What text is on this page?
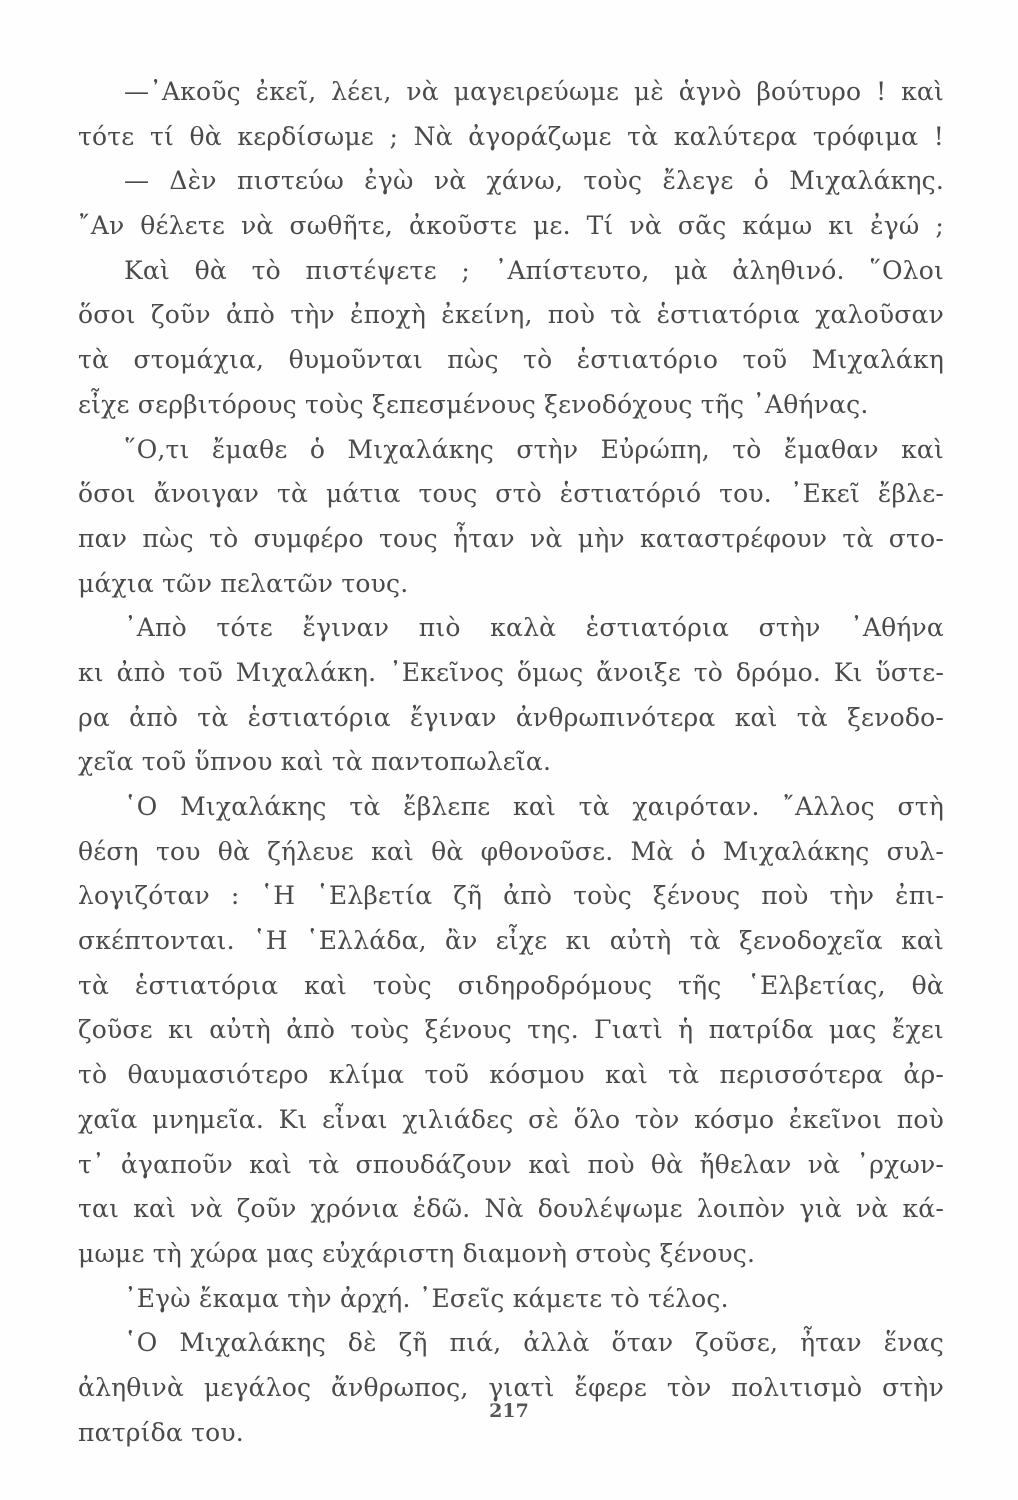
—᾽Ακοῦς ἐκεῖ, λέει, νὰ μαγειρεύωμε μὲ ἁγνὸ βούτυρο ! καὶ
τότε τί θὰ κερδίσωμε ; Νὰ ἀγοράζωμε τὰ καλύτερα τρόφιμα !
— Δὲν πιστεύω ἐγὼ νὰ χάνω, τοὺς ἔλεγε ὁ Μιχαλάκης.
῎Αν θέλετε νὰ σωθῆτε, ἀκοῦστε με. Τί νὰ σᾶς κάμω κι ἐγώ ;
Καὶ θὰ τὸ πιστέψετε ; ᾿Απίστευτο, μὰ ἀληθινό. ῞Ολοι
ὅσοι ζοῦν ἀπὸ τὴν ἐποχὴ ἐκείνη, ποὺ τὰ ἑστιατόρια χαλοῦσαν
τὰ στομάχια, θυμοῦνται πὼς τὸ ἑστιατόριο τοῦ Μιχαλάκη
εἶχε σερβιτόρους τοὺς ξεπεσμένους ξενοδόχους τῆς ᾿Αθήνας.
῞Ο,τι ἔμαθε ὁ Μιχαλάκης στὴν Εὐρώπη, τὸ ἔμαθαν καὶ
ὅσοι ἄνοιγαν τὰ μάτια τους στὸ ἑστιατόριό του. ᾿Εκεῖ ἔβλε-
παν πὼς τὸ συμφέρο τους ἦταν νὰ μὴν καταστρέφουν τὰ στο-
μάχια τῶν πελατῶν τους.
᾿Απὸ τότε ἔγιναν πιὸ καλὰ ἑστιατόρια στὴν ᾿Αθήνα
κι ἀπὸ τοῦ Μιχαλάκη. ᾿Εκεῖνος ὅμως ἄνοιξε τὸ δρόμο. Κι ὕστε-
ρα ἀπὸ τὰ ἑστιατόρια ἔγιναν ἀνθρωπινότερα καὶ τὰ ξενοδο-
χεῖα τοῦ ὕπνου καὶ τὰ παντοπωλεῖα.
῾Ο Μιχαλάκης τὰ ἔβλεπε καὶ τὰ χαιρόταν. ῎Αλλος στὴ
θέση του θὰ ζήλευε καὶ θὰ φθονοῦσε. Μὰ ὁ Μιχαλάκης συλ-
λογιζόταν : ῾Η ῾Ελβετία ζῆ ἀπὸ τοὺς ξένους ποὺ τὴν ἐπι-
σκέπτονται. ῾Η ῾Ελλάδα, ἂν εἶχε κι αὐτὴ τὰ ξενοδοχεῖα καὶ
τὰ ἑστιατόρια καὶ τοὺς σιδηροδρόμους τῆς ῾Ελβετίας, θὰ
ζοῦσε κι αὐτὴ ἀπὸ τοὺς ξένους της. Γιατὶ ἡ πατρίδα μας ἔχει
τὸ θαυμασιότερο κλίμα τοῦ κόσμου καὶ τὰ περισσότερα ἀρ-
χαῖα μνημεῖα. Κι εἶναι χιλιάδες σὲ ὅλο τὸν κόσμο ἐκεῖνοι ποὺ
τ᾽ ἀγαποῦν καὶ τὰ σπουδάζουν καὶ ποὺ θὰ ἤθελαν νὰ ᾽ρχων-
ται καὶ νὰ ζοῦν χρόνια ἐδῶ. Νὰ δουλέψωμε λοιπὸν γιὰ νὰ κά-
μωμε τὴ χώρα μας εὐχάριστη διαμονὴ στοὺς ξένους.
᾿Εγὼ ἔκαμα τὴν ἀρχή. ᾿Εσεῖς κάμετε τὸ τέλος.
῾Ο Μιχαλάκης δὲ ζῆ πιά, ἀλλὰ ὅταν ζοῦσε, ἦταν ἕνας
ἀληθινὰ μεγάλος ἄνθρωπος, γιατὶ ἔφερε τὸν πολιτισμὸ στὴν
πατρίδα του.
217
